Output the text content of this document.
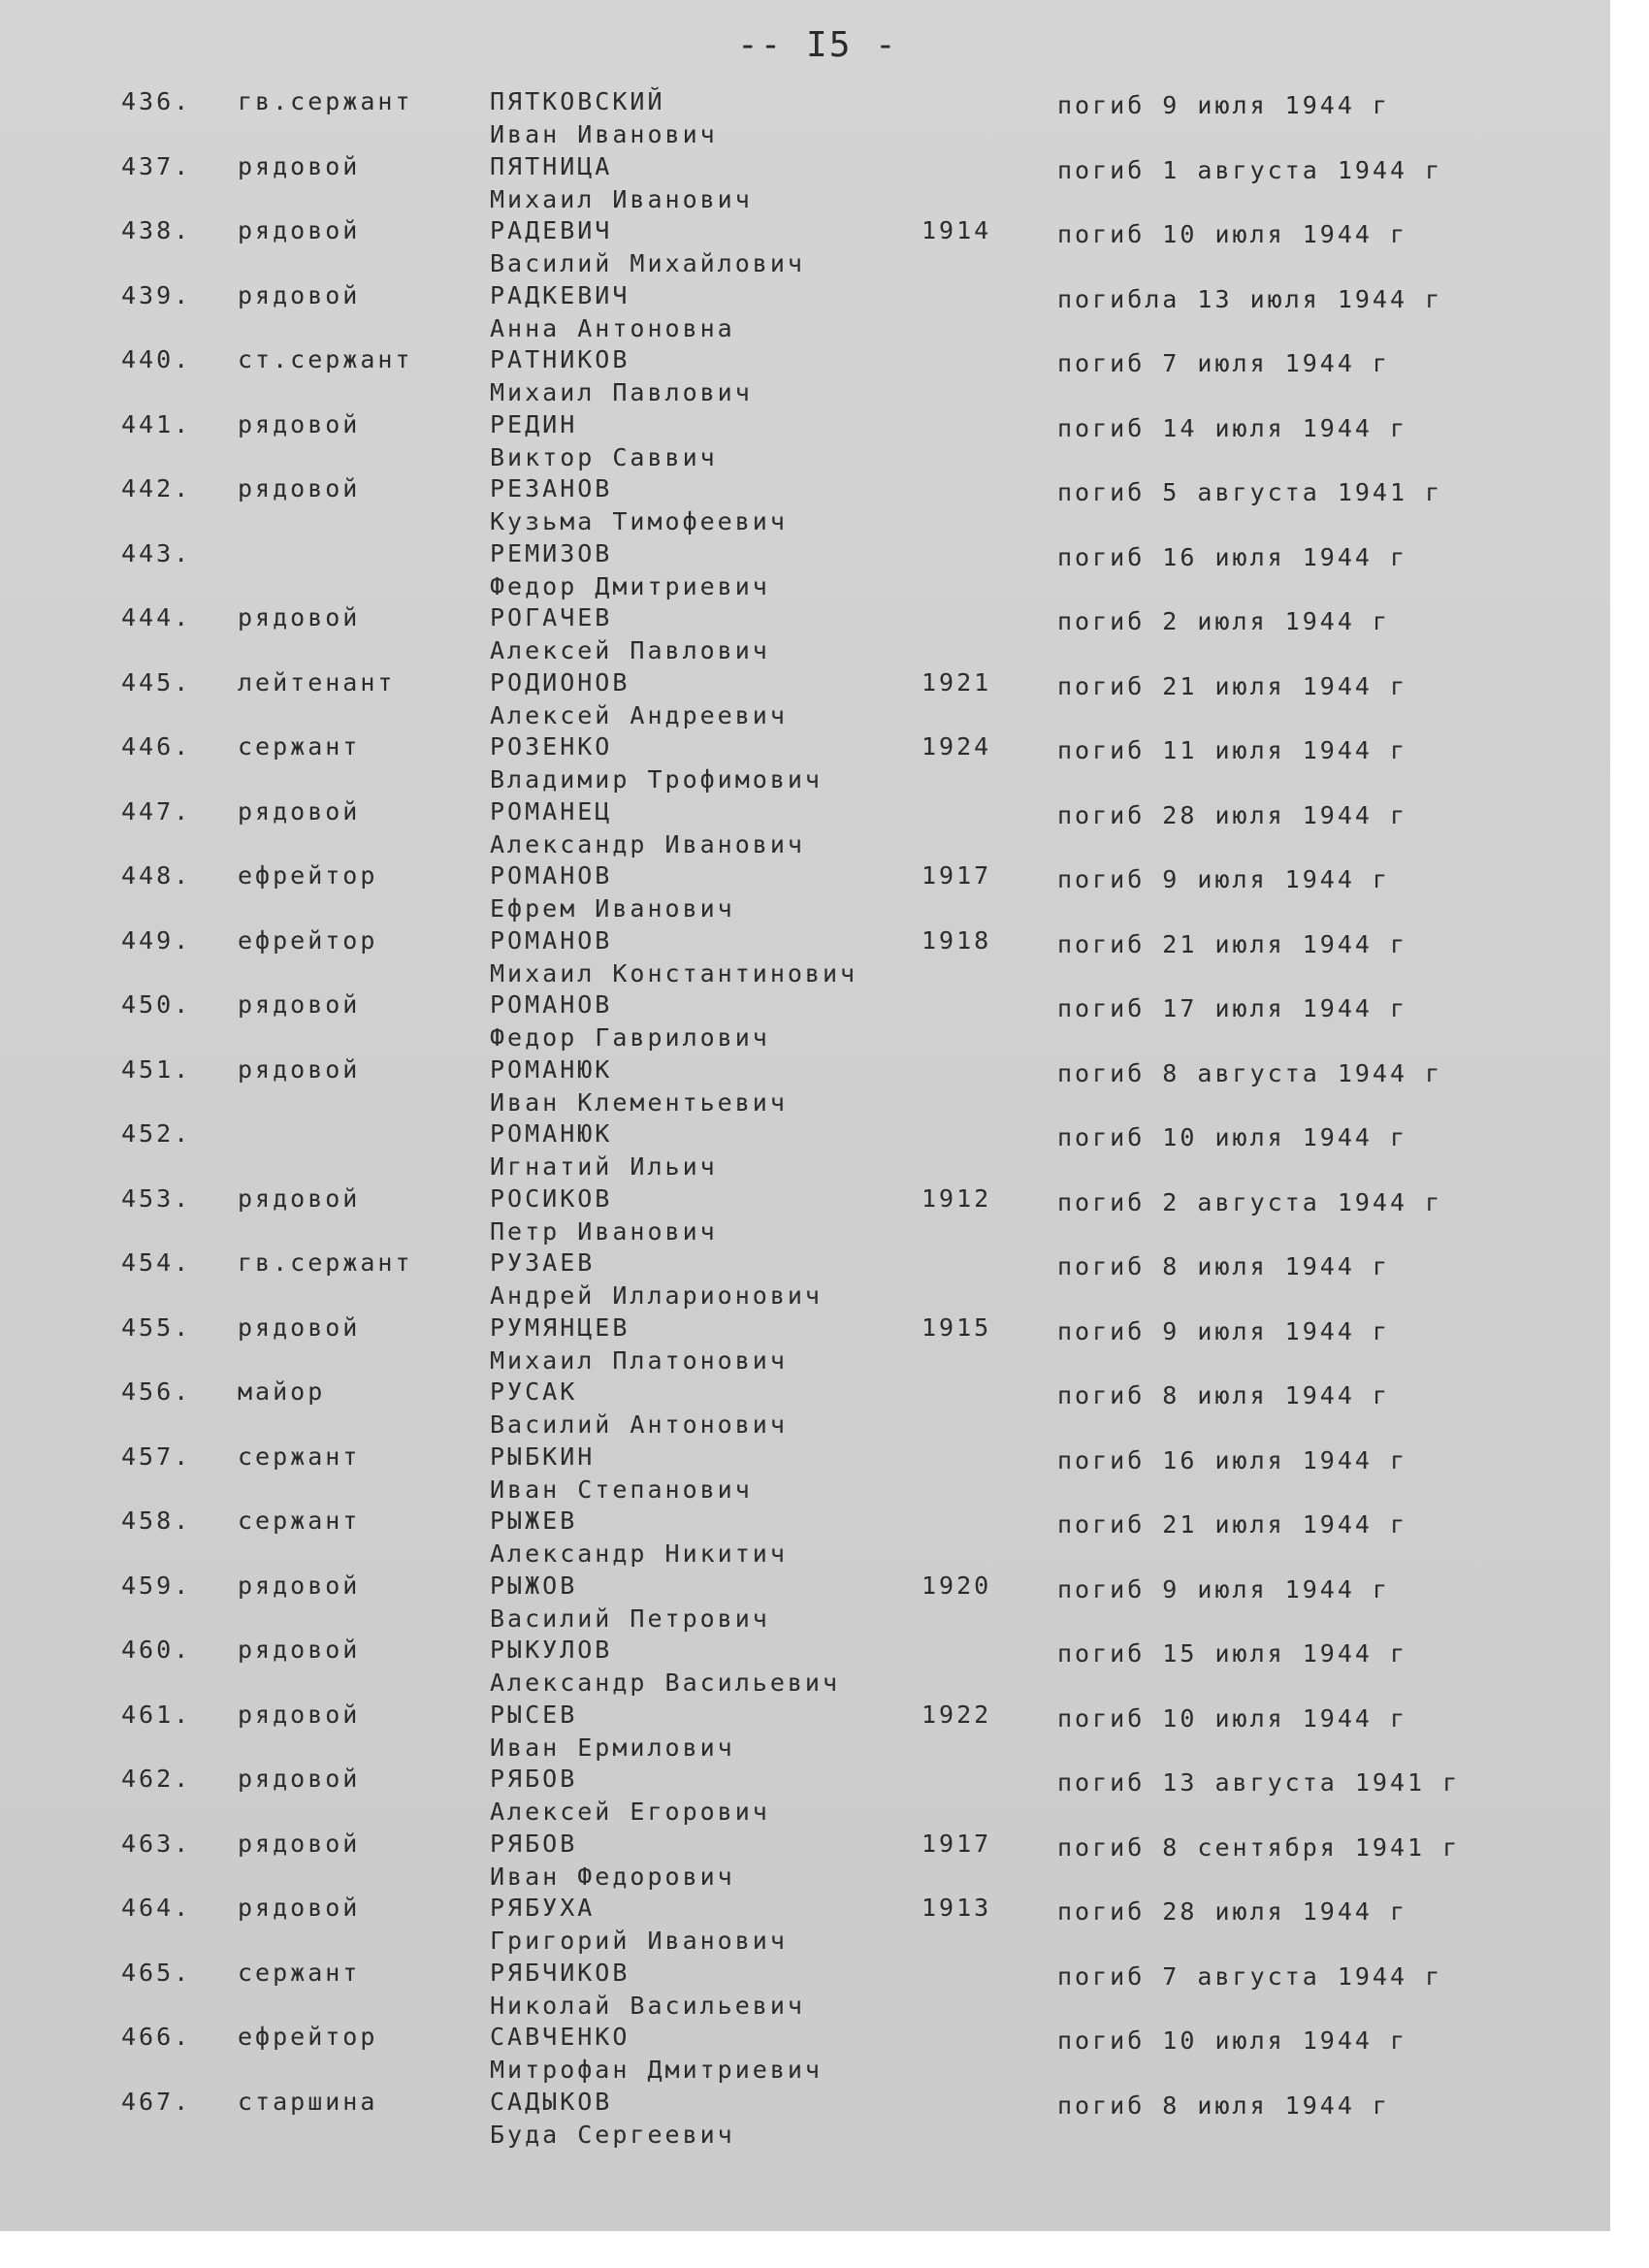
-- I5 -
436. гв.сержант	ПЯТКОВСКИЙ
Иван Иванович
погиб 9 июля 1944 г
437. рядовой	ПЯТНИЦА
Михаил Иванович
погиб 1 августа 1944 г
438. рядовой	РАДЕВИЧ
Василий Михайлович
1914	погиб 10 июля 1944 г
439. рядовой	РАДКЕВИЧ
Анна Антоновна
погибла 13 июля 1944 г
440. ст.сержант	РАТНИКОВ
Михаил Павлович
погиб 7 июля 1944 г
441. рядовой	РЕДИН
Виктор Саввич
погиб 14 июля 1944 г
442. рядовой	РЕЗАНОВ
Кузьма Тимофеевич
погиб 5 августа 1941 г
443.	РЕМИЗОВ
Федор Дмитриевич
погиб 16 июля 1944 г
444. рядовой	РОГАЧЕВ
Алексей Павлович
погиб 2 июля 1944 г
445. лейтенант	РОДИОНОВ
Алексей Андреевич
1921	погиб 21 июля 1944 г
446. сержант	РОЗЕНКО
Владимир Трофимович
1924	погиб 11 июля 1944 г
447. рядовой	РОМАНЕЦ
Александр Иванович
погиб 28 июля 1944 г
448. ефрейтор	РОМАНОВ
Ефрем Иванович
1917	погиб 9 июля 1944 г
449. ефрейтор	РОМАНОВ
Михаил Константинович
1918	погиб 21 июля 1944 г
450. рядовой	РОМАНОВ
Федор Гаврилович
погиб 17 июля 1944 г
451. рядовой	РОМАНЮК
Иван Клементьевич
погиб 8 августа 1944 г
452.	РОМАНЮК
Игнатий Ильич
погиб 10 июля 1944 г
453. рядовой	РОСИКОВ
Петр Иванович
1912	погиб 2 августа 1944 г
454. гв.сержант	РУЗАЕВ
Андрей Илларионович
погиб 8 июля 1944 г
455. рядовой	РУМЯНЦЕВ
Михаил Платонович
1915	погиб 9 июля 1944 г
456. майор	РУСАК
Василий Антонович
погиб 8 июля 1944 г
457. сержант	РЫБКИН
Иван Степанович
погиб 16 июля 1944 г
458. сержант	РЫЖЕВ
Александр Никитич
погиб 21 июля 1944 г
459. рядовой	РЫЖОВ
Василий Петрович
1920	погиб 9 июля 1944 г
460. рядовой	РЫКУЛОВ
Александр Васильевич
погиб 15 июля 1944 г
461. рядовой	РЫСЕВ
Иван Ермилович
1922	погиб 10 июля 1944 г
462. рядовой	РЯБОВ
Алексей Егорович
погиб 13 августа 1941 г
463. рядовой	РЯБОВ
Иван Федорович
1917	погиб 8 сентября 1941 г
464. рядовой	РЯБУХА
Григорий Иванович
1913	погиб 28 июля 1944 г
465. сержант	РЯБЧИКОВ
Николай Васильевич
погиб 7 августа 1944 г
466. ефрейтор	САВЧЕНКО
Митрофан Дмитриевич
погиб 10 июля 1944 г
467. старшина	САДЫКОВ
Буда Сергеевич
погиб 8 июля 1944 г
